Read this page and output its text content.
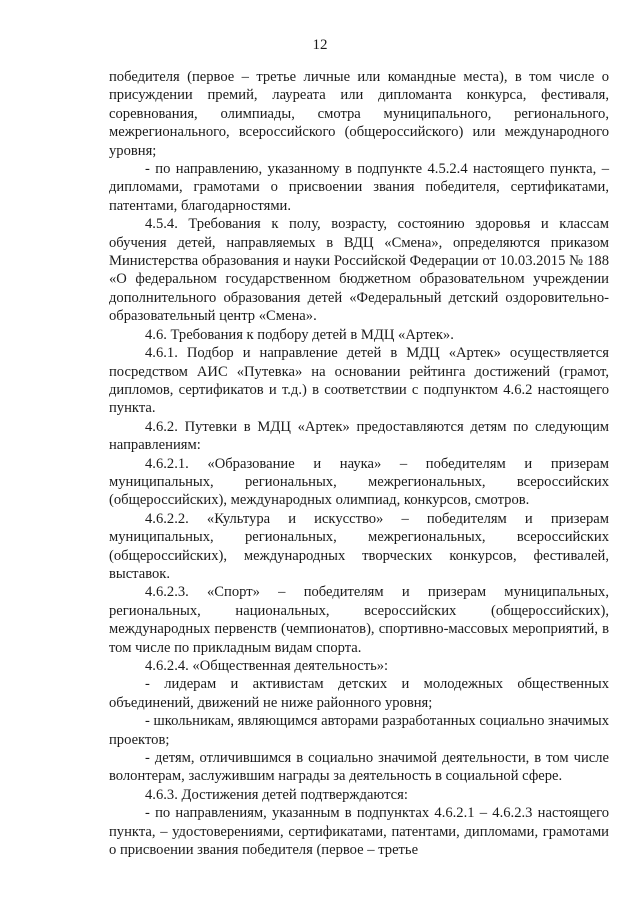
12

победителя (первое – третье личные или командные места), в том числе о присуждении премий, лауреата или дипломанта конкурса, фестиваля, соревнования, олимпиады, смотра муниципального, регионального, межрегионального, всероссийского (общероссийского) или международного уровня;

- по направлению, указанному в подпункте 4.5.2.4 настоящего пункта, – дипломами, грамотами о присвоении звания победителя, сертификатами, патентами, благодарностями.

4.5.4. Требования к полу, возрасту, состоянию здоровья и классам обучения детей, направляемых в ВДЦ «Смена», определяются приказом Министерства образования и науки Российской Федерации от 10.03.2015 № 188 «О федеральном государственном бюджетном образовательном учреждении дополнительного образования детей «Федеральный детский оздоровительно-образовательный центр «Смена».

4.6. Требования к подбору детей в МДЦ «Артек».

4.6.1. Подбор и направление детей в МДЦ «Артек» осуществляется посредством АИС «Путевка» на основании рейтинга достижений (грамот, дипломов, сертификатов и т.д.) в соответствии с подпунктом 4.6.2 настоящего пункта.

4.6.2. Путевки в МДЦ «Артек» предоставляются детям по следующим направлениям:

4.6.2.1. «Образование и наука» – победителям и призерам муниципальных, региональных, межрегиональных, всероссийских (общероссийских), международных олимпиад, конкурсов, смотров.

4.6.2.2. «Культура и искусство» – победителям и призерам муниципальных, региональных, межрегиональных, всероссийских (общероссийских), международных творческих конкурсов, фестивалей, выставок.

4.6.2.3. «Спорт» – победителям и призерам муниципальных, региональных, национальных, всероссийских (общероссийских), международных первенств (чемпионатов), спортивно-массовых мероприятий, в том числе по прикладным видам спорта.

4.6.2.4. «Общественная деятельность»:

- лидерам и активистам детских и молодежных общественных объединений, движений не ниже районного уровня;

- школьникам, являющимся авторами разработанных социально значимых проектов;

- детям, отличившимся в социально значимой деятельности, в том числе волонтерам, заслужившим награды за деятельность в социальной сфере.

4.6.3. Достижения детей подтверждаются:

- по направлениям, указанным в подпунктах 4.6.2.1 – 4.6.2.3 настоящего пункта, – удостоверениями, сертификатами, патентами, дипломами, грамотами о присвоении звания победителя (первое – третье
